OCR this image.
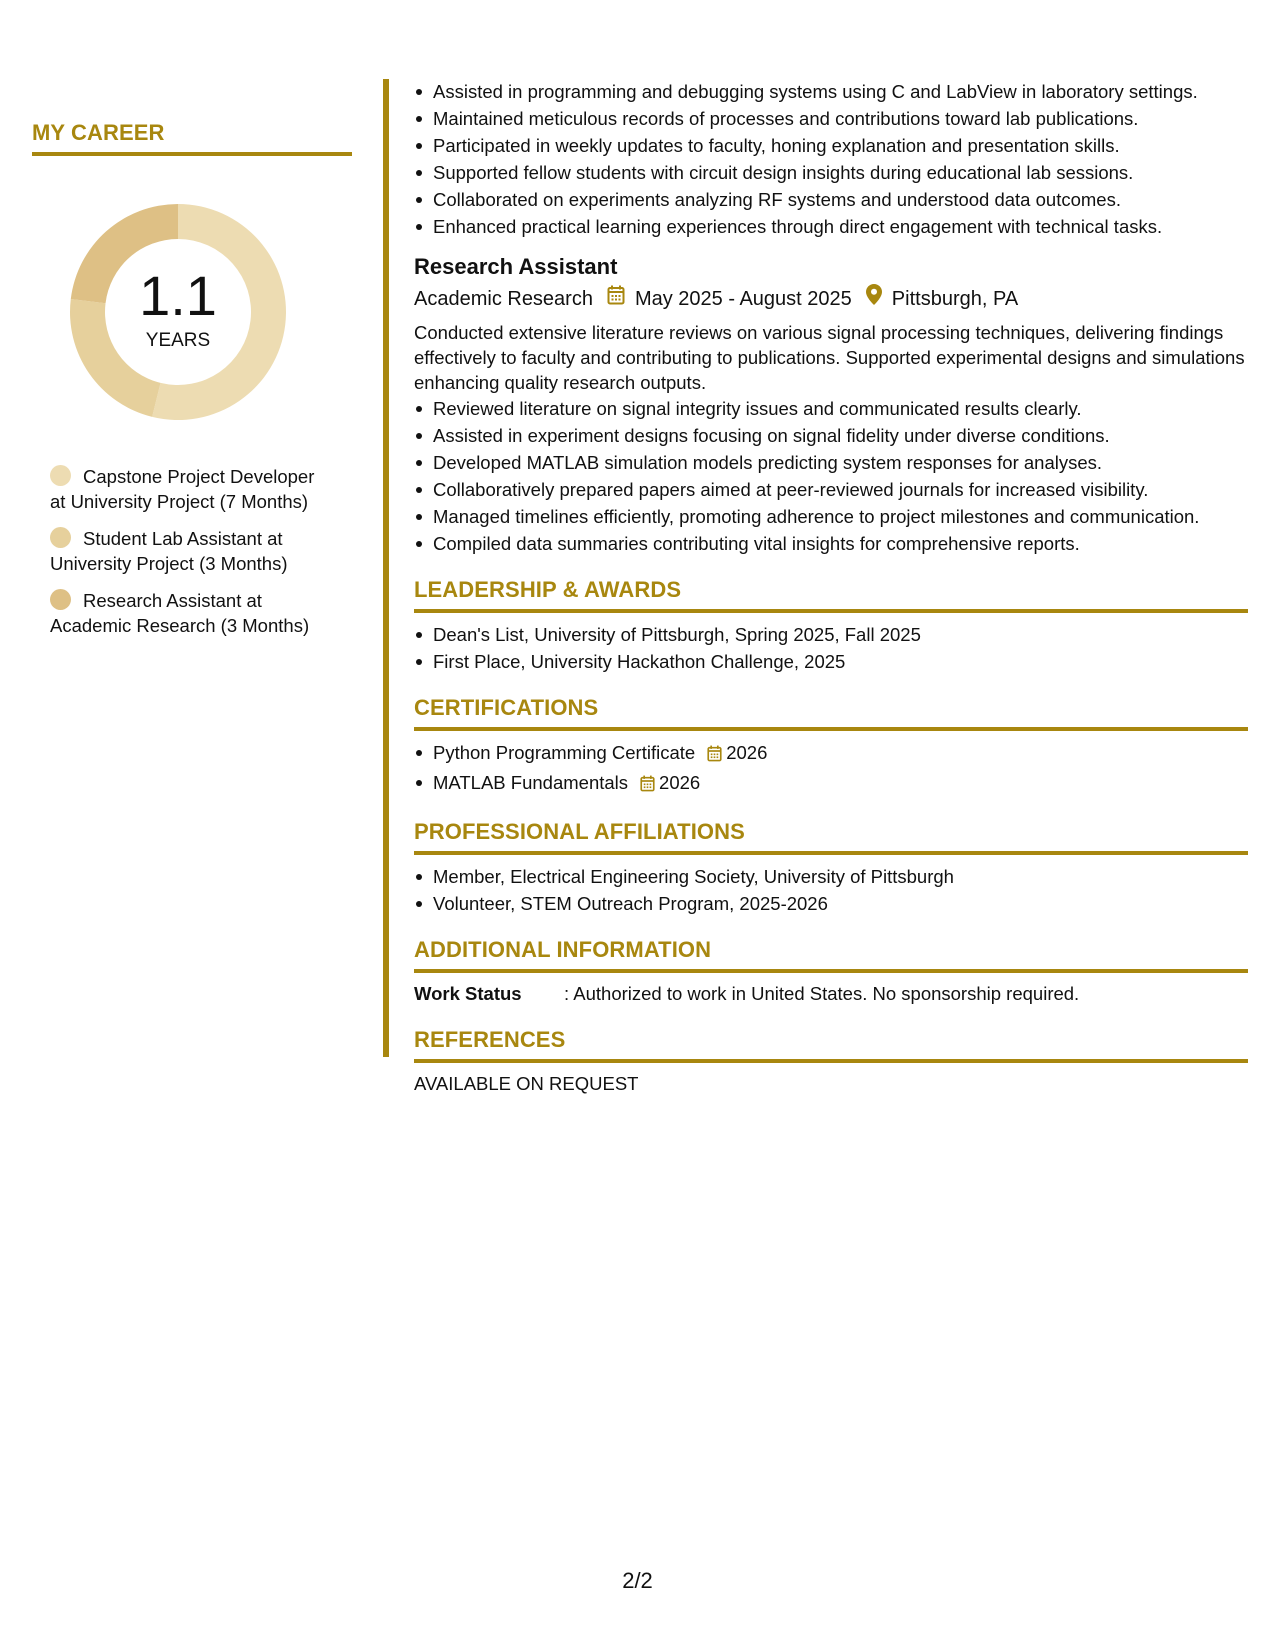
MY CAREER
1.1
YEARS
Capstone Project Developer at University Project (7 Months)
Student Lab Assistant at University Project (3 Months)
Research Assistant at Academic Research (3 Months)
Assisted in programming and debugging systems using C and LabView in laboratory settings.
Maintained meticulous records of processes and contributions toward lab publications.
Participated in weekly updates to faculty, honing explanation and presentation skills.
Supported fellow students with circuit design insights during educational lab sessions.
Collaborated on experiments analyzing RF systems and understood data outcomes.
Enhanced practical learning experiences through direct engagement with technical tasks.
Research Assistant
Academic Research May 2025 - August 2025 Pittsburgh, PA
Conducted extensive literature reviews on various signal processing techniques, delivering findings effectively to faculty and contributing to publications. Supported experimental designs and simulations enhancing quality research outputs.
Reviewed literature on signal integrity issues and communicated results clearly.
Assisted in experiment designs focusing on signal fidelity under diverse conditions.
Developed MATLAB simulation models predicting system responses for analyses.
Collaboratively prepared papers aimed at peer-reviewed journals for increased visibility.
Managed timelines efficiently, promoting adherence to project milestones and communication.
Compiled data summaries contributing vital insights for comprehensive reports.
LEADERSHIP & AWARDS
Dean's List, University of Pittsburgh, Spring 2025, Fall 2025
First Place, University Hackathon Challenge, 2025
CERTIFICATIONS
Python Programming Certificate 2026
MATLAB Fundamentals 2026
PROFESSIONAL AFFILIATIONS
Member, Electrical Engineering Society, University of Pittsburgh
Volunteer, STEM Outreach Program, 2025-2026
ADDITIONAL INFORMATION
Work Status	: Authorized to work in United States. No sponsorship required.
REFERENCES
AVAILABLE ON REQUEST
2/2
